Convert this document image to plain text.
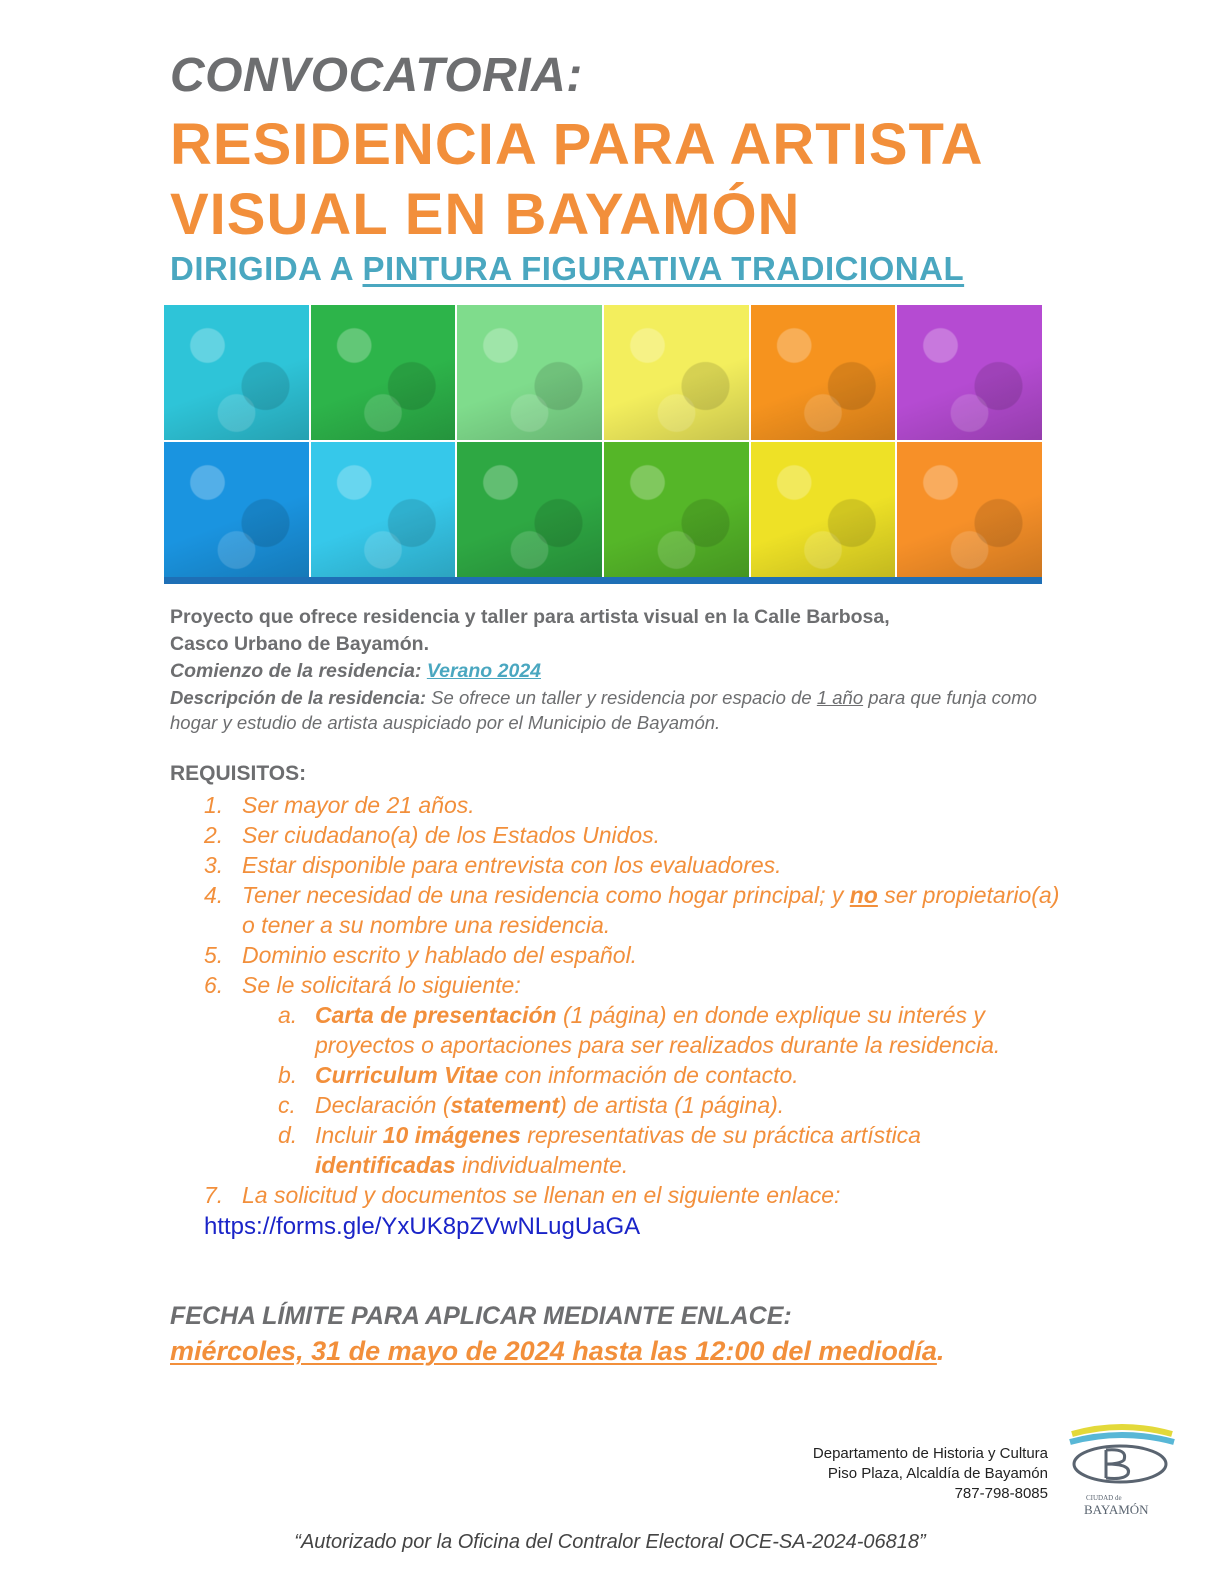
CONVOCATORIA:
RESIDENCIA PARA ARTISTA
VISUAL EN BAYAMÓN
DIRIGIDA A PINTURA FIGURATIVA TRADICIONAL

Proyecto que ofrece residencia y taller para artista visual en la Calle Barbosa,

Casco Urbano de Bayamón.

Comienzo de la residencia: Verano 2024

Descripción de la residencia: Se ofrece un taller y residencia por espacio de 1 año para que funja como hogar y estudio de artista auspiciado por el Municipio de Bayamón.

REQUISITOS:
1. Ser mayor de 21 años.
2. Ser ciudadano(a) de los Estados Unidos.
3. Estar disponible para entrevista con los evaluadores.
4. Tener necesidad de una residencia como hogar principal; y no ser propietario(a) o tener a su nombre una residencia.
5. Dominio escrito y hablado del español.
6. Se le solicitará lo siguiente:
a. Carta de presentación (1 página) en donde explique su interés y proyectos o aportaciones para ser realizados durante la residencia.
b. Curriculum Vitae con información de contacto.
c. Declaración (statement) de artista (1 página).
d. Incluir 10 imágenes representativas de su práctica artística identificadas individualmente.
7. La solicitud y documentos se llenan en el siguiente enlace:
https://forms.gle/YxUK8pZVwNLugUaGA
FECHA LÍMITE PARA APLICAR MEDIANTE ENLACE:

miércoles, 31 de mayo de 2024 hasta las 12:00 del mediodía.

Departamento de Historia y Cultura
Piso Plaza, Alcaldía de Bayamón
787-798-8085	CIUDAD de
BAYAMÓN
“Autorizado por la Oficina del Contralor Electoral OCE-SA-2024-06818”
